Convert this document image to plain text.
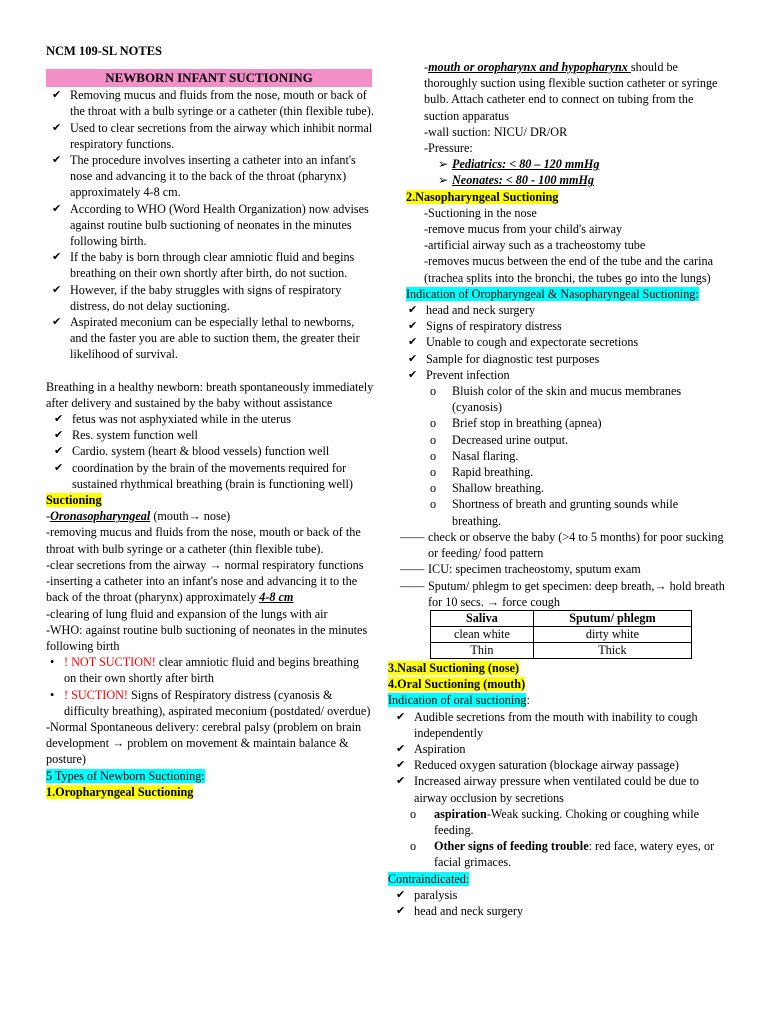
NCM 109-SL NOTES
NEWBORN INFANT SUCTIONING
✔ Removing mucus and fluids from the nose, mouth or back of the throat with a bulb syringe or a catheter (thin flexible tube).
✔ Used to clear secretions from the airway which inhibit normal respiratory functions.
✔ The procedure involves inserting a catheter into an infant's nose and advancing it to the back of the throat (pharynx) approximately 4-8 cm.
✔ According to WHO (Word Health Organization) now advises against routine bulb suctioning of neonates in the minutes following birth.
✔ If the baby is born through clear amniotic fluid and begins breathing on their own shortly after birth, do not suction.
✔ However, if the baby struggles with signs of respiratory distress, do not delay suctioning.
✔ Aspirated meconium can be especially lethal to newborns, and the faster you are able to suction them, the greater their likelihood of survival.

Breathing in a healthy newborn: breath spontaneously immediately after delivery and sustained by the baby without assistance

✔ fetus was not asphyxiated while in the uterus
✔ Res. system function well
✔ Cardio. system (heart & blood vessels) function well
✔ coordination by the brain of the movements required for sustained rhythmical breathing (brain is functioning well)

Suctioning

-Oronasopharyngeal (mouth→ nose)

-removing mucus and fluids from the nose, mouth or back of the throat with bulb syringe or a catheter (thin flexible tube).

-clear secretions from the airway → normal respiratory functions

-inserting a catheter into an infant's nose and advancing it to the back of the throat (pharynx) approximately 4-8 cm

-clearing of lung fluid and expansion of the lungs with air

-WHO: against routine bulb suctioning of neonates in the minutes following birth

• ! NOT SUCTION! clear amniotic fluid and begins breathing on their own shortly after birth
• ! SUCTION! Signs of Respiratory distress (cyanosis & difficulty breathing), aspirated meconium (postdated/ overdue)

-Normal Spontaneous delivery: cerebral palsy (problem on brain development → problem on movement & maintain balance & posture)

5 Types of Newborn Suctioning:

1.Oropharyngeal Suctioning

-mouth or oropharynx and hypopharynx should be thoroughly suction using flexible suction catheter or syringe bulb. Attach catheter end to connect on tubing from the suction apparatus

-wall suction: NICU/ DR/OR

-Pressure:

➢ Pediatrics: < 80 – 120 mmHg
➢ Neonates: < 80 - 100 mmHg

2.Nasopharyngeal Suctioning

-Suctioning in the nose

-remove mucus from your child's airway

-artificial airway such as a tracheostomy tube

-removes mucus between the end of the tube and the carina (trachea splits into the bronchi, the tubes go into the lungs)

Indication of Oropharyngeal & Nasopharyngeal Suctioning:

✔ head and neck surgery
✔ Signs of respiratory distress
✔ Unable to cough and expectorate secretions
✔ Sample for diagnostic test purposes
✔ Prevent infection
o Bluish color of the skin and mucus membranes (cyanosis)
o Brief stop in breathing (apnea)
o Decreased urine output.
o Nasal flaring.
o Rapid breathing.
o Shallow breathing.
o Shortness of breath and grunting sounds while breathing.
—— check or observe the baby (>4 to 5 months) for poor sucking or feeding/ food pattern
—— ICU: specimen tracheostomy, sputum exam
—— Sputum/ phlegm to get specimen: deep breath,→ hold breath for 10 secs. → force cough
Saliva	Sputum/ phlegm
clean white	dirty white
Thin	Thick

3.Nasal Suctioning (nose)

4.Oral Suctioning (mouth)

Indication of oral suctioning:

✔ Audible secretions from the mouth with inability to cough independently
✔ Aspiration
✔ Reduced oxygen saturation (blockage airway passage)
✔ Increased airway pressure when ventilated could be due to airway occlusion by secretions
o aspiration-Weak sucking. Choking or coughing while feeding.
o Other signs of feeding trouble: red face, watery eyes, or facial grimaces.

Contraindicated:

✔ paralysis
✔ head and neck surgery
